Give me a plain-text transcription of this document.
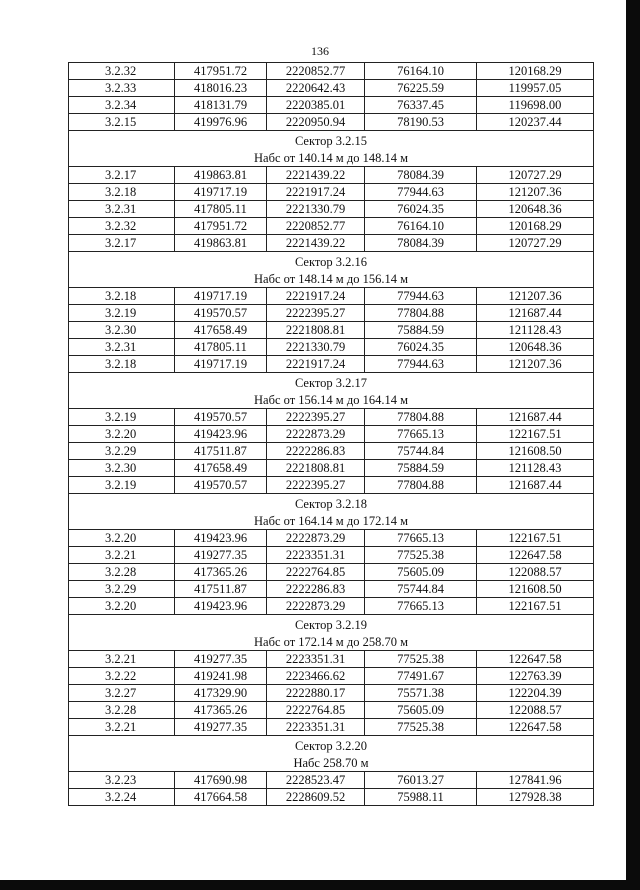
136
3.2.32	417951.72	2220852.77	76164.10	120168.29
3.2.33	418016.23	2220642.43	76225.59	119957.05
3.2.34	418131.79	2220385.01	76337.45	119698.00
3.2.15	419976.96	2220950.94	78190.53	120237.44
Сектор 3.2.15				
Набс от 140.14 м до 148.14 м				
3.2.17	419863.81	2221439.22	78084.39	120727.29
3.2.18	419717.19	2221917.24	77944.63	121207.36
3.2.31	417805.11	2221330.79	76024.35	120648.36
3.2.32	417951.72	2220852.77	76164.10	120168.29
3.2.17	419863.81	2221439.22	78084.39	120727.29
Сектор 3.2.16				
Набс от 148.14 м до 156.14 м				
3.2.18	419717.19	2221917.24	77944.63	121207.36
3.2.19	419570.57	2222395.27	77804.88	121687.44
3.2.30	417658.49	2221808.81	75884.59	121128.43
3.2.31	417805.11	2221330.79	76024.35	120648.36
3.2.18	419717.19	2221917.24	77944.63	121207.36
Сектор 3.2.17				
Набс от 156.14 м до 164.14 м				
3.2.19	419570.57	2222395.27	77804.88	121687.44
3.2.20	419423.96	2222873.29	77665.13	122167.51
3.2.29	417511.87	2222286.83	75744.84	121608.50
3.2.30	417658.49	2221808.81	75884.59	121128.43
3.2.19	419570.57	2222395.27	77804.88	121687.44
Сектор 3.2.18				
Набс от 164.14 м до 172.14 м				
3.2.20	419423.96	2222873.29	77665.13	122167.51
3.2.21	419277.35	2223351.31	77525.38	122647.58
3.2.28	417365.26	2222764.85	75605.09	122088.57
3.2.29	417511.87	2222286.83	75744.84	121608.50
3.2.20	419423.96	2222873.29	77665.13	122167.51
Сектор 3.2.19				
Набс от 172.14 м до 258.70 м				
3.2.21	419277.35	2223351.31	77525.38	122647.58
3.2.22	419241.98	2223466.62	77491.67	122763.39
3.2.27	417329.90	2222880.17	75571.38	122204.39
3.2.28	417365.26	2222764.85	75605.09	122088.57
3.2.21	419277.35	2223351.31	77525.38	122647.58
Сектор 3.2.20				
Набс 258.70 м				
3.2.23	417690.98	2228523.47	76013.27	127841.96
3.2.24	417664.58	2228609.52	75988.11	127928.38
